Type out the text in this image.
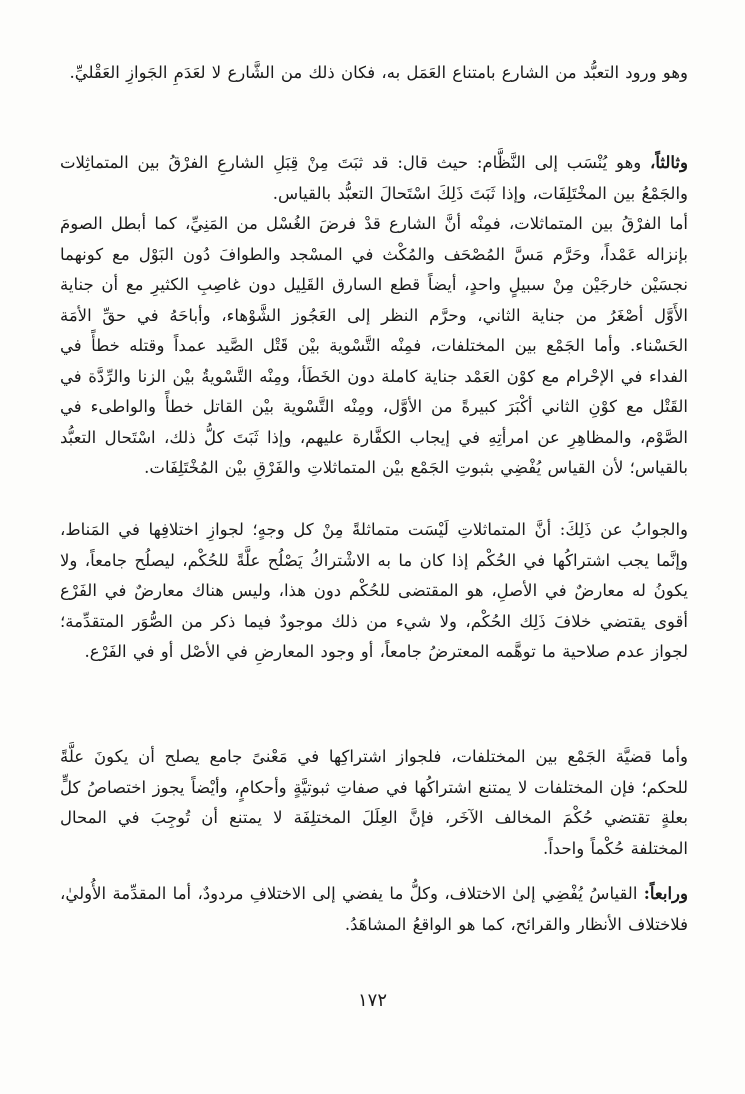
وهو ورود التعبُّد من الشارع بامتناع العَمَل به، فكان ذلك من الشَّارع لا لعَدَمِ الجَوازِ العَقْليِّ.

وثالثاً، وهو يُنْسَب إلى النَّظَّام: حيث قال: قد ثبَتَ مِنْ قِبَلِ الشارعِ الفرْقُ بين المتماثِلات والجَمْعُ بين المخْتَلِفَات، وإذا ثَبَتَ ذَلِكَ اسْتَحالَ التعبُّد بالقياس.

أما الفرْقُ بين المتماثلات، فمِنْه أنَّ الشارع قدْ فرضَ الغُسْل من المَنِيِّ، كما أبطل الصومَ بإنزاله عَمْداً، وحَرَّم مَسَّ المُصْحَف والمُكْث في المسْجد والطوافَ دُون البَوْل مع كونهما نجسَيْن خارجَيْن مِنْ سبيلٍ واحدٍ، أيضاً قطع السارق القَلِيل دون غاصِبِ الكثيرِ مع أن جناية الأَوَّل أصْغَرُ من جناية الثاني، وحرَّم النظر إلى العَجُوز الشَّوْهاء، وأباحَهُ في حقِّ الأمَة الحَسْناء. وأما الجَمْع بين المختلفات، فمِنْه التَّسْوية بيْن قَتْل الصَّيد عمداً وقتله خطأً في الفداء في الإحْرام مع كوْن العَمْد جناية كاملة دون الخَطَأ، ومِنْه التَّسْويةُ بيْن الزنا والرِّدَّة في القَتْل مع كوْنِ الثاني أكْبَرَ كبيرةً من الأوَّل، ومِنْه التَّسْوية بيْن القاتل خطأً والواطىء في الصَّوْم، والمظاهِرِ عن امرأتِهِ في إيجاب الكفَّارة عليهم، وإذا ثَبَتَ كلُّ ذلك، اسْتَحال التعبُّد بالقياس؛ لأن القياس يُفْضِي بثبوتِ الجَمْع بيْن المتماثلاتِ والفَرْقِ بيْن المُخْتَلِفَات.

والجوابُ عن ذَلِكَ: أنَّ المتماثلاتِ لَيْسَت متماثلةً مِنْ كل وجهٍ؛ لجوازِ اختلافِها في المَناط، وإنَّما يجب اشتراكُها في الحُكْم إذا كان ما به الاشْتراكُ يَصْلُح علَّةً للحُكْم، ليصلُح جامعاً، ولا يكونُ له معارضٌ في الأصلِ، هو المقتضى للحُكْم دون هذا، وليس هناك معارضٌ في الفَرْع أقوى يقتضي خلافَ ذَلِك الحُكْم، ولا شيء من ذلك موجودٌ فيما ذكر من الصُّوَر المتقدِّمة؛ لجواز عدم صلاحية ما توهَّمه المعترضُ جامعاً، أو وجود المعارضِ في الأصْل أو في الفَرْع.

وأما قضيَّة الجَمْع بين المختلفات، فلجواز اشتراكِها في مَعْنىً جامع يصلح أن يكونَ علَّةً للحكم؛ فإن المختلفات لا يمتنع اشتراكُها في صفاتِ ثبوتيَّةٍ وأحكامٍ، وأيْضاً يجوز اختصاصُ كلٍّ بعلةٍ تقتضي حُكْمَ المخالف الآخَر، فإنَّ العِلَلَ المختلِفَة لا يمتنع أن تُوجِبَ في المحال المختلفة حُكْماً واحداً.

ورابعاً: القياسُ يُفْضِي إلىٰ الاختلاف، وكلُّ ما يفضي إلى الاختلافِ مردودٌ، أما المقدِّمة الأُوليٰ، فلاختلاف الأنظار والقرائح، كما هو الواقعُ المشاهَدُ.

١٧٢
